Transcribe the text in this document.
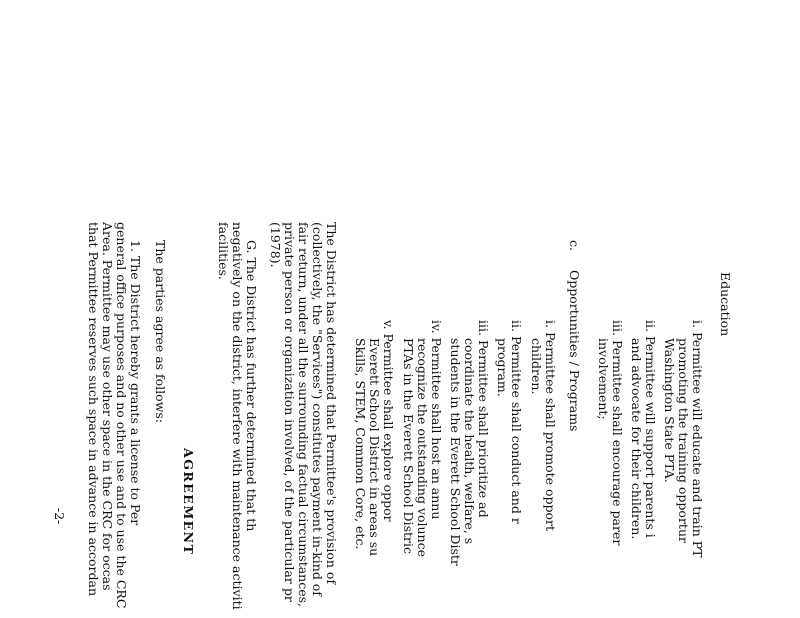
Education
i. Permittee will educate and train PT
promoting the training opportur
Washington State PTA.
ii. Permittee will support parents i
and advocate for their children.
iii. Permittee shall encourage parer
involvement;
c.
Opportunities / Programs
i. Permittee shall promote opport
children.
ii. Permittee shall conduct and r
program.
iii. Permittee shall prioritize ad
coordinate the health, welfare, s
students in the Everett School Distr
iv. Permittee shall host an annu
recognize the outstanding volunce
PTAs in the Everett School Distric
v. Permittee shall explore oppor
Everett School District in areas su
Skills, STEM, Common Core, etc.
The District has determined that Permittee's provision of
(collectively, the "Services") constitutes payment in-kind of
fair return, under all the surrounding factual circumstances,
private person or organization involved, of the particular pr
(1978).
G. The District has further determined that th
negatively on the district, interfere with maintenance activiti
facilities.
AGREEMENT
The parties agree as follows:
1. The District hereby grants a license to Per
general office purposes and no other use and to use the CRC
Area. Permittee may use other space in the CRC for occas
that Permittee reserves such space in advance in accordan
-2-
